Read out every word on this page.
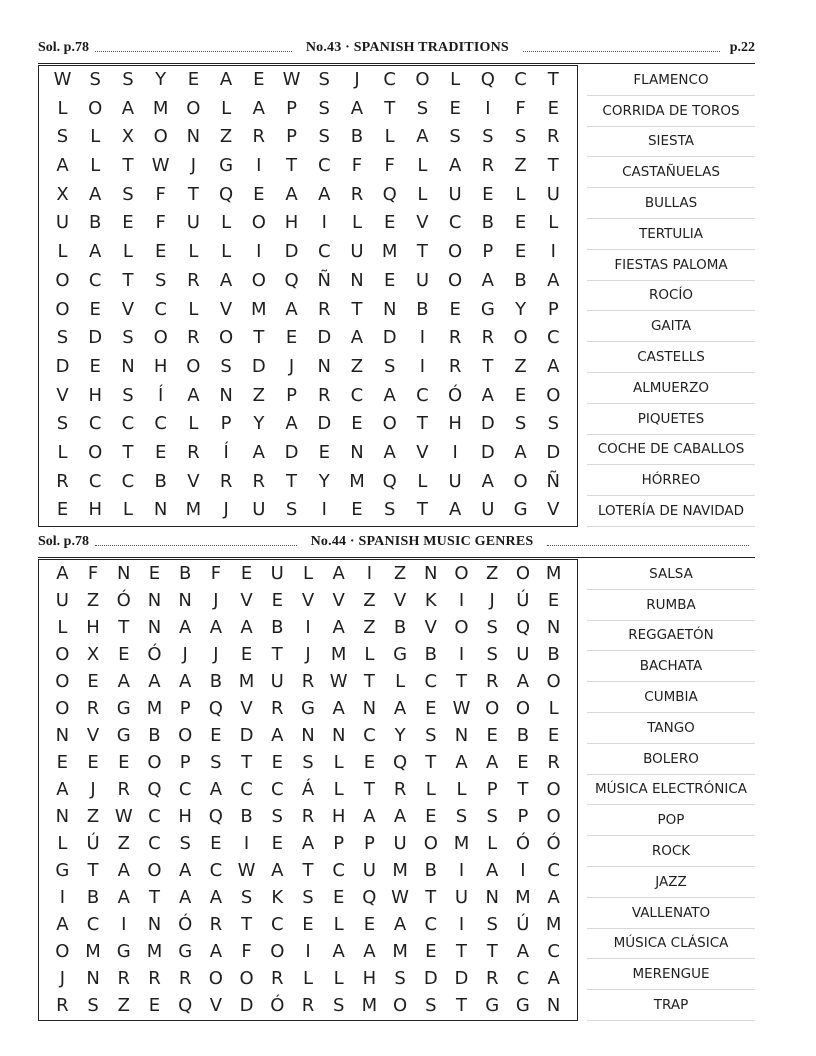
Sol. p.78	No.43 · SPANISH TRADITIONS	p.22
W	S	S	Y	E	A	E	W	S	J	C	O	L	Q	C	T
L	O	A	M O	L	A	P	S	A	T	S	E	I	F	E
S	L	X	O	N	Z	R	P	S	B	L	A	S	S	S	R
A	L	T	W	J	G	I	T	C	F	F	L	A	R	Z	T
X	A	S	F	T	Q	E	A	A	R	Q	L	U	E	L	U
U	B	E	F	U	L	O	H	I	L	E	V	C	B	E	L
L	A	L	E	L	L	I	D	C	U	M	T	O	P	E	I
O	C	T	S	R	A	O	Q	Ñ	N	E	U	O	A	B	A
O	E	V	C	L	V	M	A	R	T	N	B	E	G	Y	P
S	D	S	O	R	O	T	E	D	A	D	I	R	R	O	C
D	E	N	H	O	S	D	J	N	Z	S	I	R	T	Z	A
V	H	S	Í	A	N	Z	P	R	C	A	C	Ó	A	E	O
S	C	C	C	L	P	Y	A	D	E	O	T	H	D	S	S
L	O	T	E	R	Í	A	D	E	N	A	V	I	D	A	D
R	C	C	B	V	R	R	T	Y	M Q	L	U	A	O	Ñ
E	H	L	N	M	J	U	S	I	E	S	T	A	U	G	V
FLAMENCO
CORRIDA DE TOROS
SIESTA
CASTAÑUELAS
BULLAS
TERTULIA
FIESTAS PALOMA
ROCÍO
GAITA
CASTELLS
ALMUERZO
PIQUETES
COCHE DE CABALLOS
HÓRREO
LOTERÍA DE NAVIDAD
Sol. p.78	No.44 · SPANISH MUSIC GENRES
A	F	N	E	B	F	E	U	L	A	I	Z N O Z O M
U Z Ó N N	J	V	E	V	V	Z	V	K	I	J	Ú	E
L	H	T	N A	A	A	B	I	A	Z	B	V O S Q N
O X	E Ó	J	J	E	T	J	M L	G B	I	S	U B
O E	A	A	A	B M U R W T	L	C	T	R	A O
O R G M P	Q V	R G A N A	E W O O	L
N V G B O E	D A N N C	Y	S	N	E	B	E
E	E	E O	P	S	T	E	S	L	E Q	T	A	A	E	R
A	J	R Q C	A	C	C	Á	L	T	R	L	L	P	T	O
N Z W C H Q B	S	R H A	A	E	S	S	P	O
L	Ú Z	C	S	E	I	E	A	P	P	U O M L	Ó Ó
G	T	A O A	C W A	T	C U M B	I	A	I	C
I	B	A	T	A	A	S	K	S	E Q W T	U N M A
A	C	I	N Ó R	T	C	E	L	E	A	C	I	S	Ú M
O M G M G A	F	O	I	A	A M E	T	T	A	C
J	N R	R	R O O R	L	L	H	S	D D R	C	A
R	S	Z	E Q V D Ó R	S M O S	T	G G N
SALSA
RUMBA
REGGAETÓN
BACHATA
CUMBIA
TANGO
BOLERO
MÚSICA ELECTRÓNICA
POP
ROCK
JAZZ
VALLENATO
MÚSICA CLÁSICA
MERENGUE
TRAP
